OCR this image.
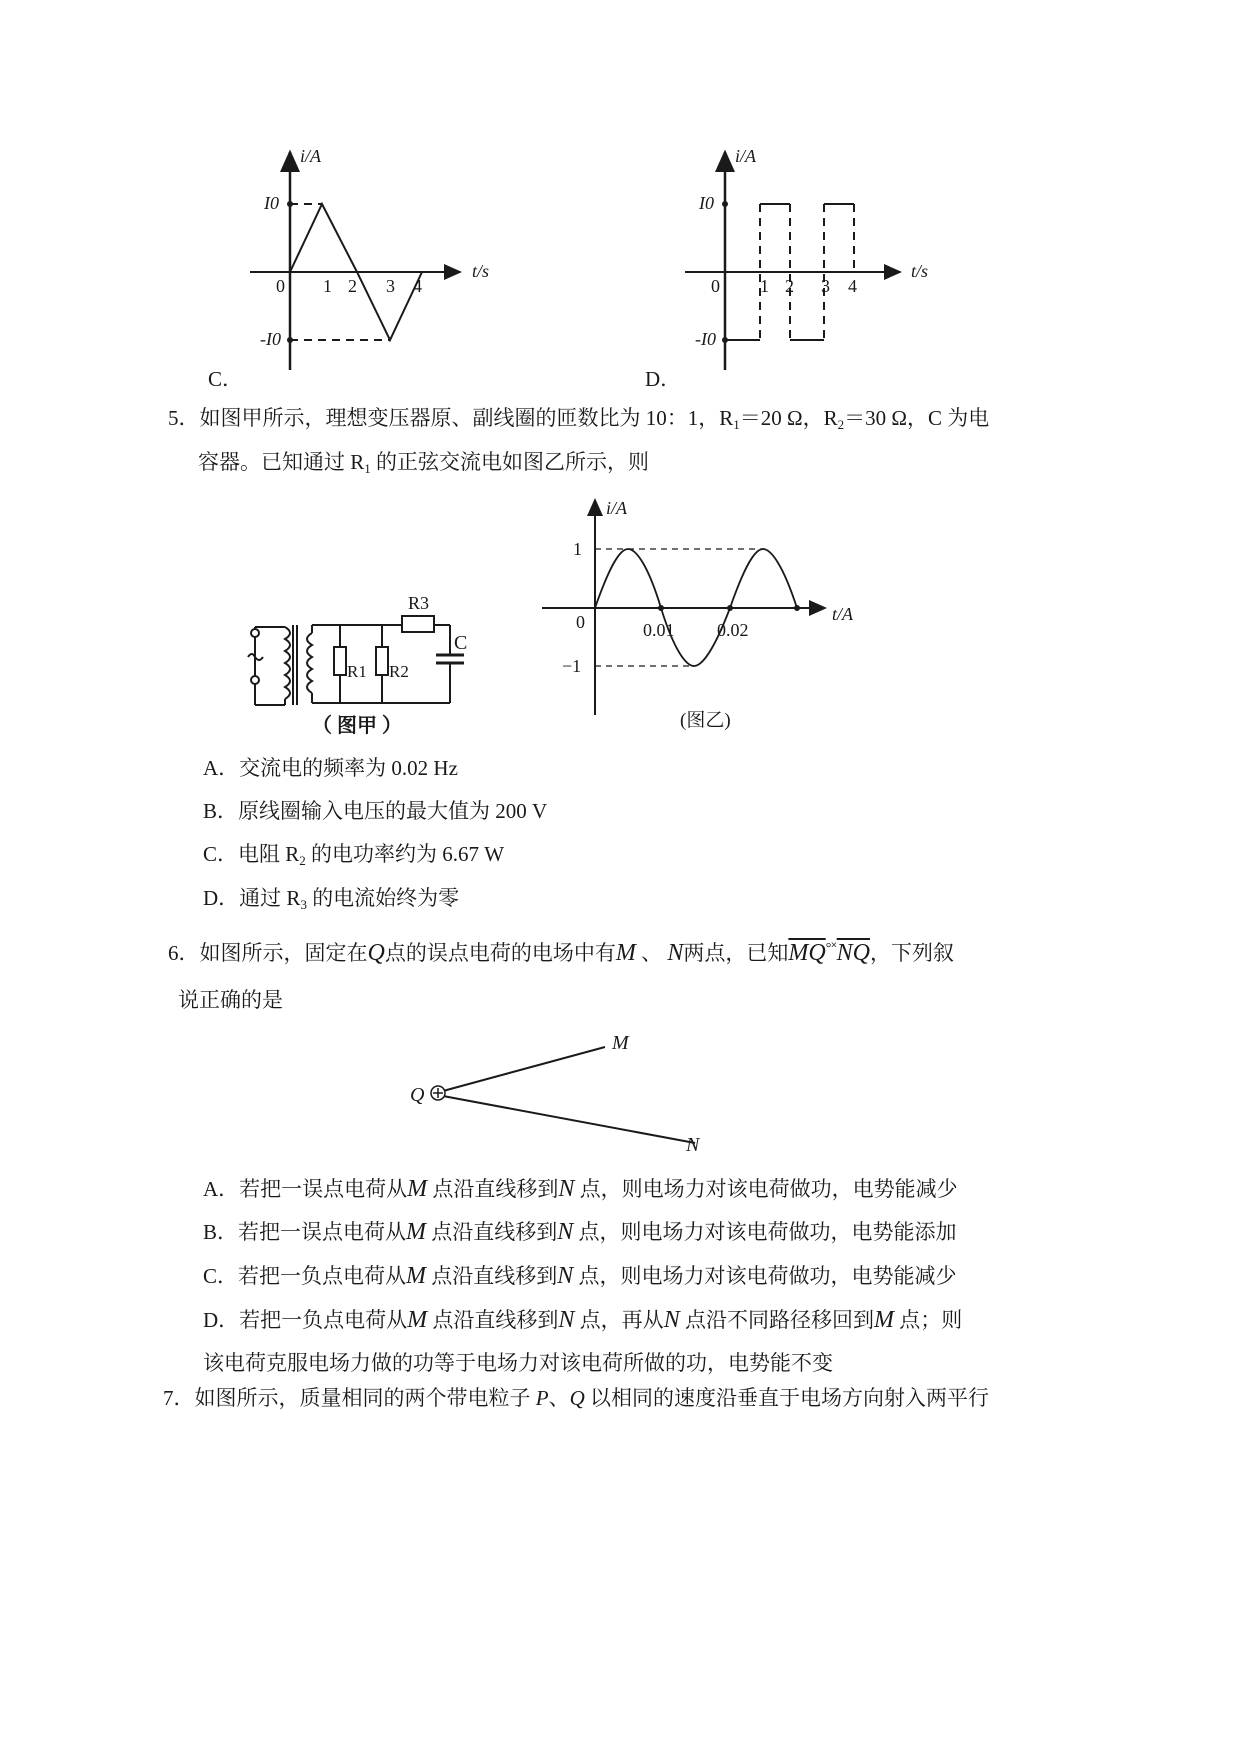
i/A
t/s
I0
-I0
0 1 2 3 4
C．
i/A
t/s
I0
-I0
0 1 2 3 4
D．
5．如图甲所示，理想变压器原、副线圈的匝数比为 10：1，$R_1=20$ Ω，$R_2=30$ Ω，C 为电
容器。已知通过 $R_1$ 的正弦交流电如图乙所示，则
R3
C
R1 R2
（ 图甲 ）
i/A
t/A
0
1
−1
0.01 0.02
(图乙)
A．交流电的频率为 0.02 Hz
B．原线圈输入电压的最大值为 200 V
C．电阻 $R_2$ 的电功率约为 6.67 W
D．通过 $R_3$ 的电流始终为零
6．如图所示，固定在Q点的误点电荷的电场中有M 、 N两点，已知$\overline{MQ}^{^\circ˟}\overline{NQ}$，下列叙
说正确的是
M
Q
N
A．若把一误点电荷从M 点沿直线移到N 点，则电场力对该电荷做功，电势能减少
B．若把一误点电荷从M 点沿直线移到N 点，则电场力对该电荷做功，电势能添加
C．若把一负点电荷从M 点沿直线移到N 点，则电场力对该电荷做功，电势能减少
D．若把一负点电荷从M 点沿直线移到N 点，再从N 点沿不同路径移回到M 点；则
该电荷克服电场力做的功等于电场力对该电荷所做的功，电势能不变
7．如图所示，质量相同的两个带电粒子 P、Q 以相同的速度沿垂直于电场方向射入两平行
